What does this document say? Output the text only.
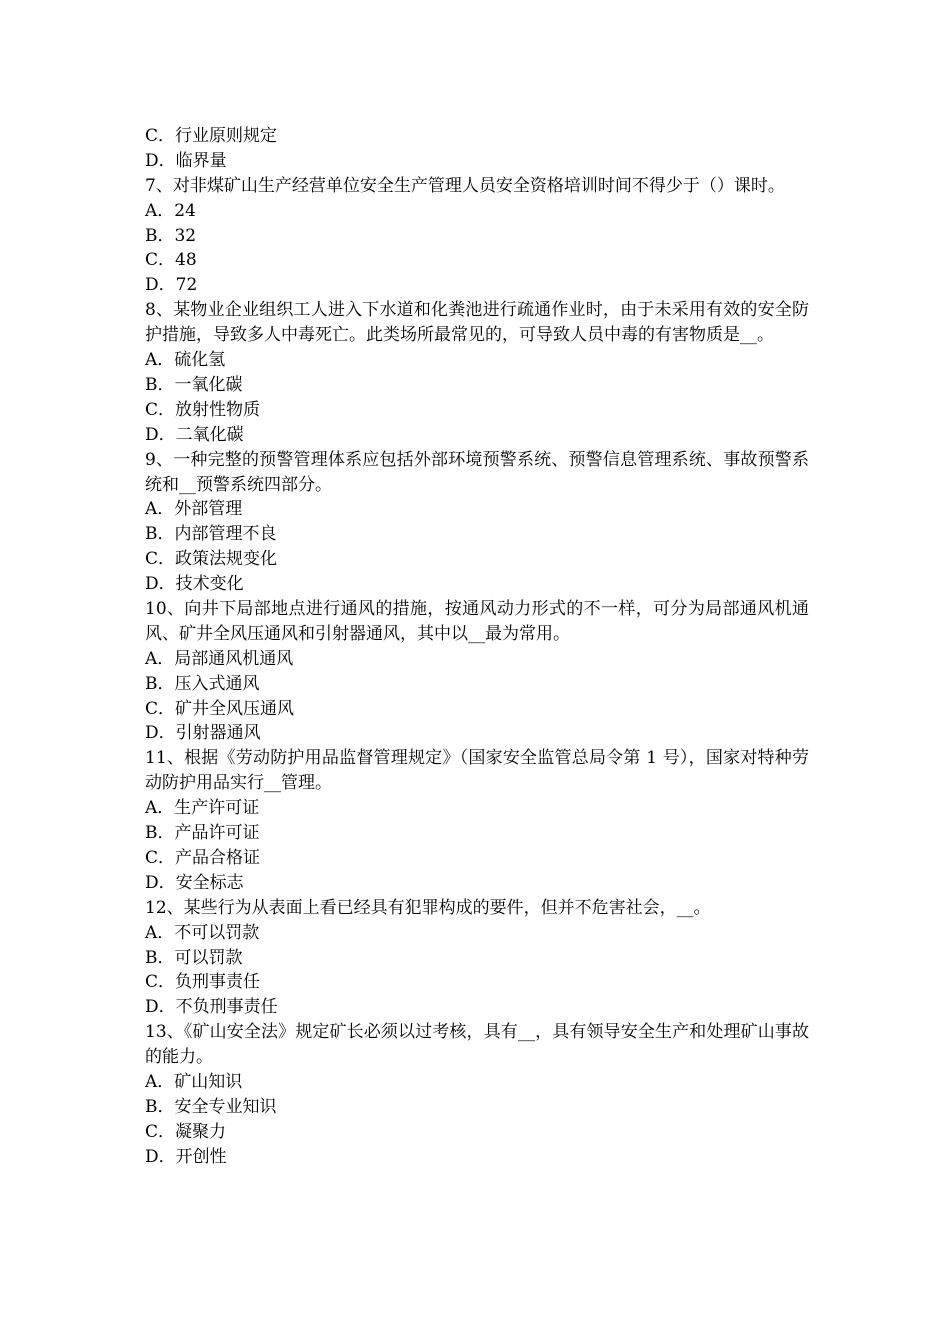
C．行业原则规定

D．临界量

7、对非煤矿山生产经营单位安全生产管理人员安全资格培训时间不得少于（）课时。

A．24

B．32

C．48

D．72

8、某物业企业组织工人进入下水道和化粪池进行疏通作业时，由于未采用有效的安全防护措施，导致多人中毒死亡。此类场所最常见的，可导致人员中毒的有害物质是__。

A．硫化氢

B．一氧化碳

C．放射性物质

D．二氧化碳

9、一种完整的预警管理体系应包括外部环境预警系统、预警信息管理系统、事故预警系统和__预警系统四部分。

A．外部管理

B．内部管理不良

C．政策法规变化

D．技术变化

10、向井下局部地点进行通风的措施，按通风动力形式的不一样，可分为局部通风机通风、矿井全风压通风和引射器通风，其中以__最为常用。

A．局部通风机通风

B．压入式通风

C．矿井全风压通风

D．引射器通风

11、根据《劳动防护用品监督管理规定》（国家安全监管总局令第 1 号），国家对特种劳动防护用品实行__管理。

A．生产许可证

B．产品许可证

C．产品合格证

D．安全标志

12、某些行为从表面上看已经具有犯罪构成的要件，但并不危害社会，__。

A．不可以罚款

B．可以罚款

C．负刑事责任

D．不负刑事责任

13、《矿山安全法》规定矿长必须以过考核，具有__，具有领导安全生产和处理矿山事故的能力。

A．矿山知识

B．安全专业知识

C．凝聚力

D．开创性
